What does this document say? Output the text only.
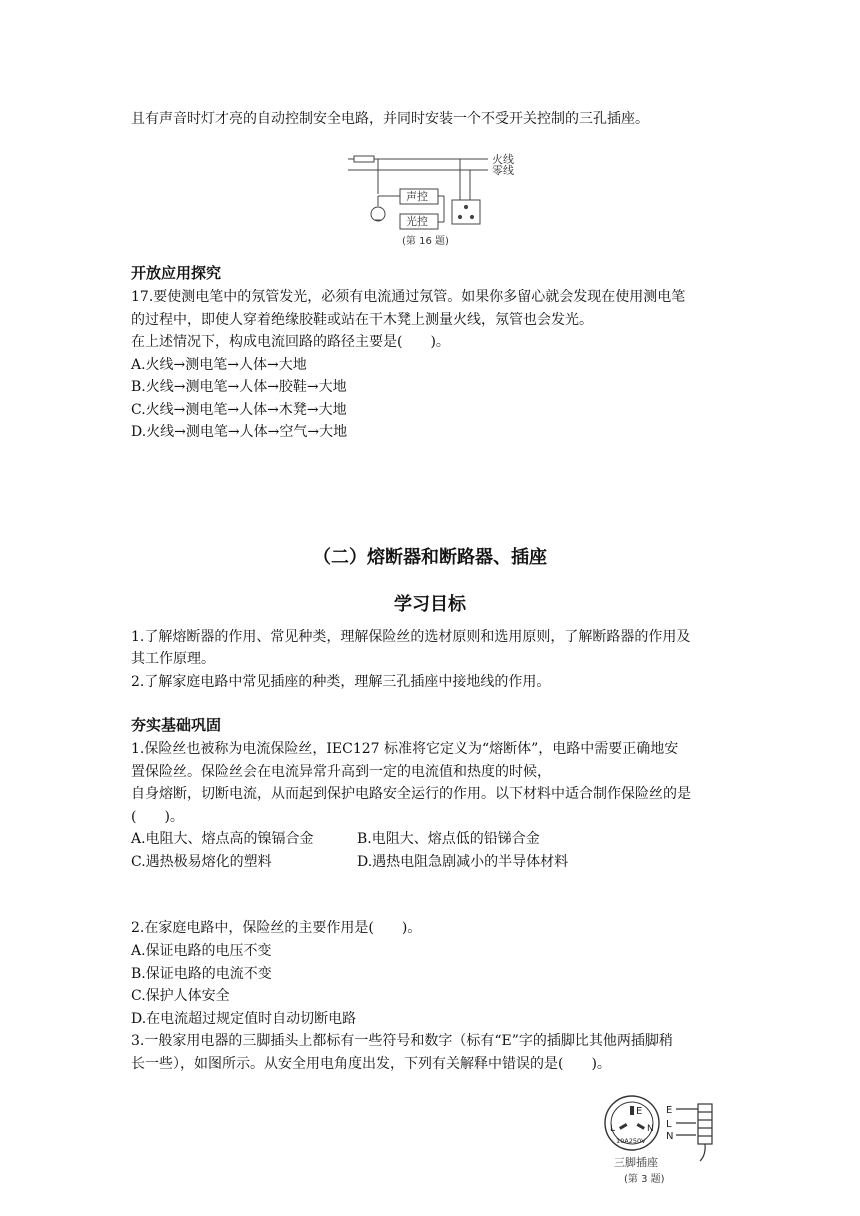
且有声音时灯才亮的自动控制安全电路，并同时安装一个不受开关控制的三孔插座。
火线
零线
声控
光控
(第 16 题)
开放应用探究
17.要使测电笔中的氖管发光，必须有电流通过氖管。如果你多留心就会发现在使用测电笔
的过程中，即使人穿着绝缘胶鞋或站在干木凳上测量火线，氖管也会发光。
在上述情况下，构成电流回路的路径主要是(　　)。
A.火线→测电笔→人体→大地
B.火线→测电笔→人体→胶鞋→大地
C.火线→测电笔→人体→木凳→大地
D.火线→测电笔→人体→空气→大地
（二）熔断器和断路器、插座
学习目标
1.了解熔断器的作用、常见种类，理解保险丝的选材原则和选用原则，了解断路器的作用及
其工作原理。
2.了解家庭电路中常见插座的种类，理解三孔插座中接地线的作用。
夯实基础巩固
1.保险丝也被称为电流保险丝，IEC127 标准将它定义为“熔断体”，电路中需要正确地安
置保险丝。保险丝会在电流异常升高到一定的电流值和热度的时候，
自身熔断，切断电流，从而起到保护电路安全运行的作用。以下材料中适合制作保险丝的是
(　　)。
A.电阻大、熔点高的镍镉合金	B.电阻大、熔点低的铅锑合金
C.遇热极易熔化的塑料	D.遇热电阻急剧减小的半导体材料
2.在家庭电路中，保险丝的主要作用是(　　)。
A.保证电路的电压不变
B.保证电路的电流不变
C.保护人体安全
D.在电流超过规定值时自动切断电路
3.一般家用电器的三脚插头上都标有一些符号和数字（标有“E”字的插脚比其他两插脚稍
长一些），如图所示。从安全用电角度出发，下列有关解释中错误的是(　　)。
E
L	N
10A250V
E
L
N
三脚插座
(第 3 题)
